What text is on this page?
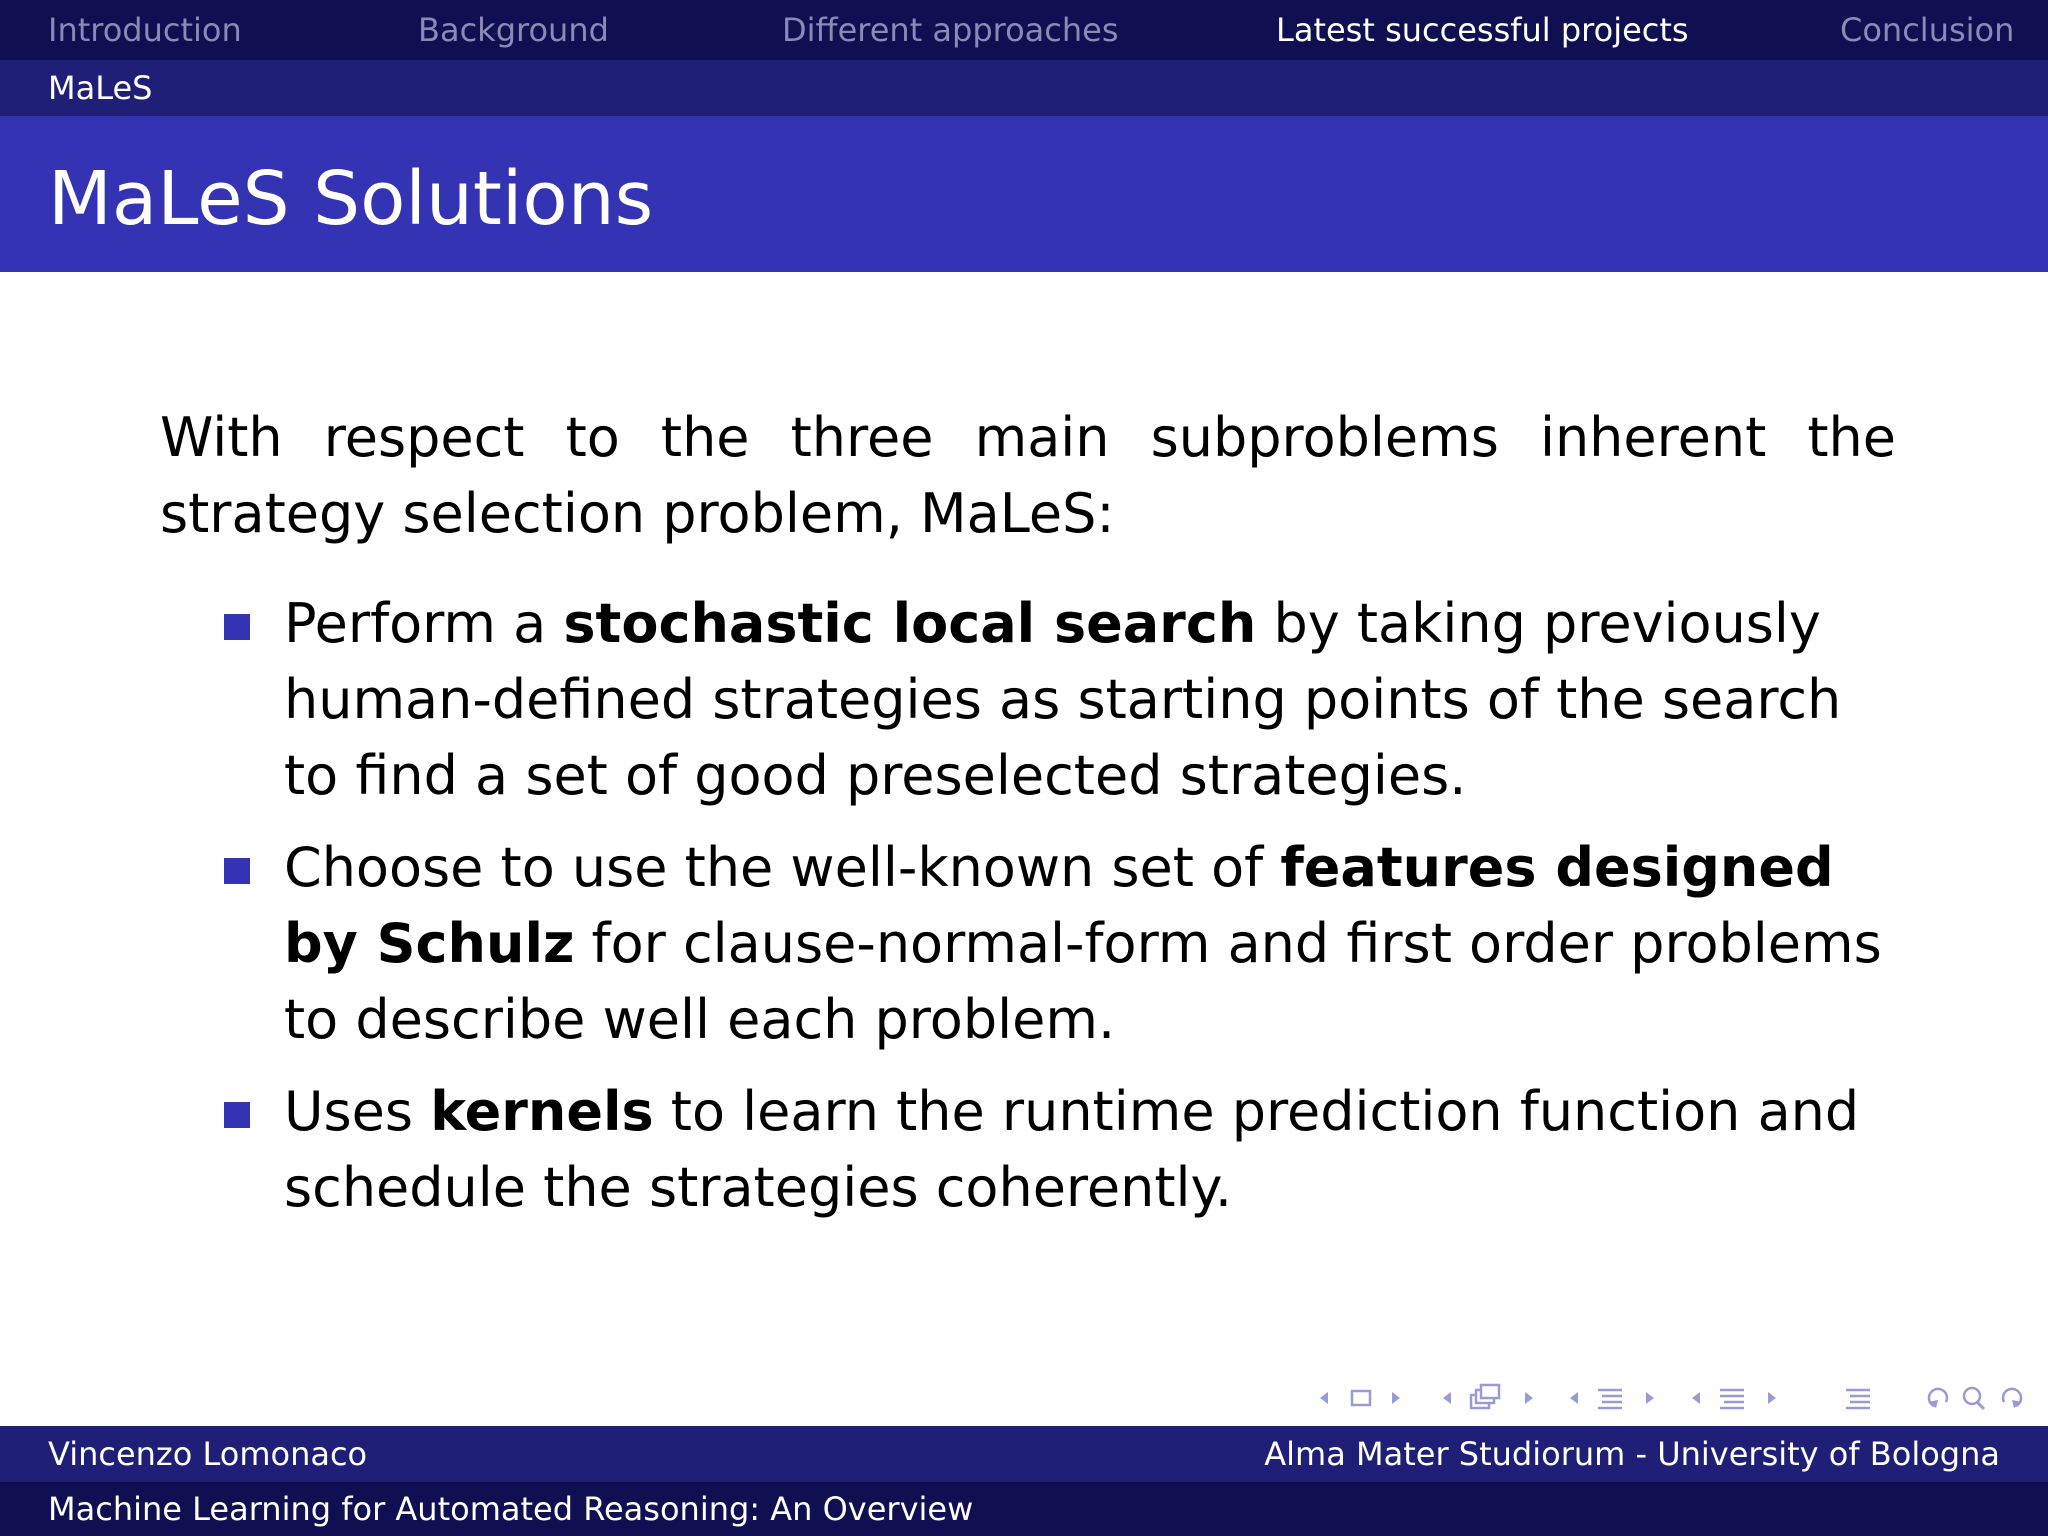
Introduction	Background	Different approaches	Latest successful projects	Conclusion
MaLeS
MaLeS Solutions

With respect to the three main subproblems inherent the strategy selection problem, MaLeS:

Perform a stochastic local search by taking previously human-defined strategies as starting points of the search to find a set of good preselected strategies.
Choose to use the well-known set of features designed by Schulz for clause-normal-form and first order problems to describe well each problem.
Uses kernels to learn the runtime prediction function and schedule the strategies coherently.
Vincenzo Lomonaco	Alma Mater Studiorum - University of Bologna
Machine Learning for Automated Reasoning: An Overview
